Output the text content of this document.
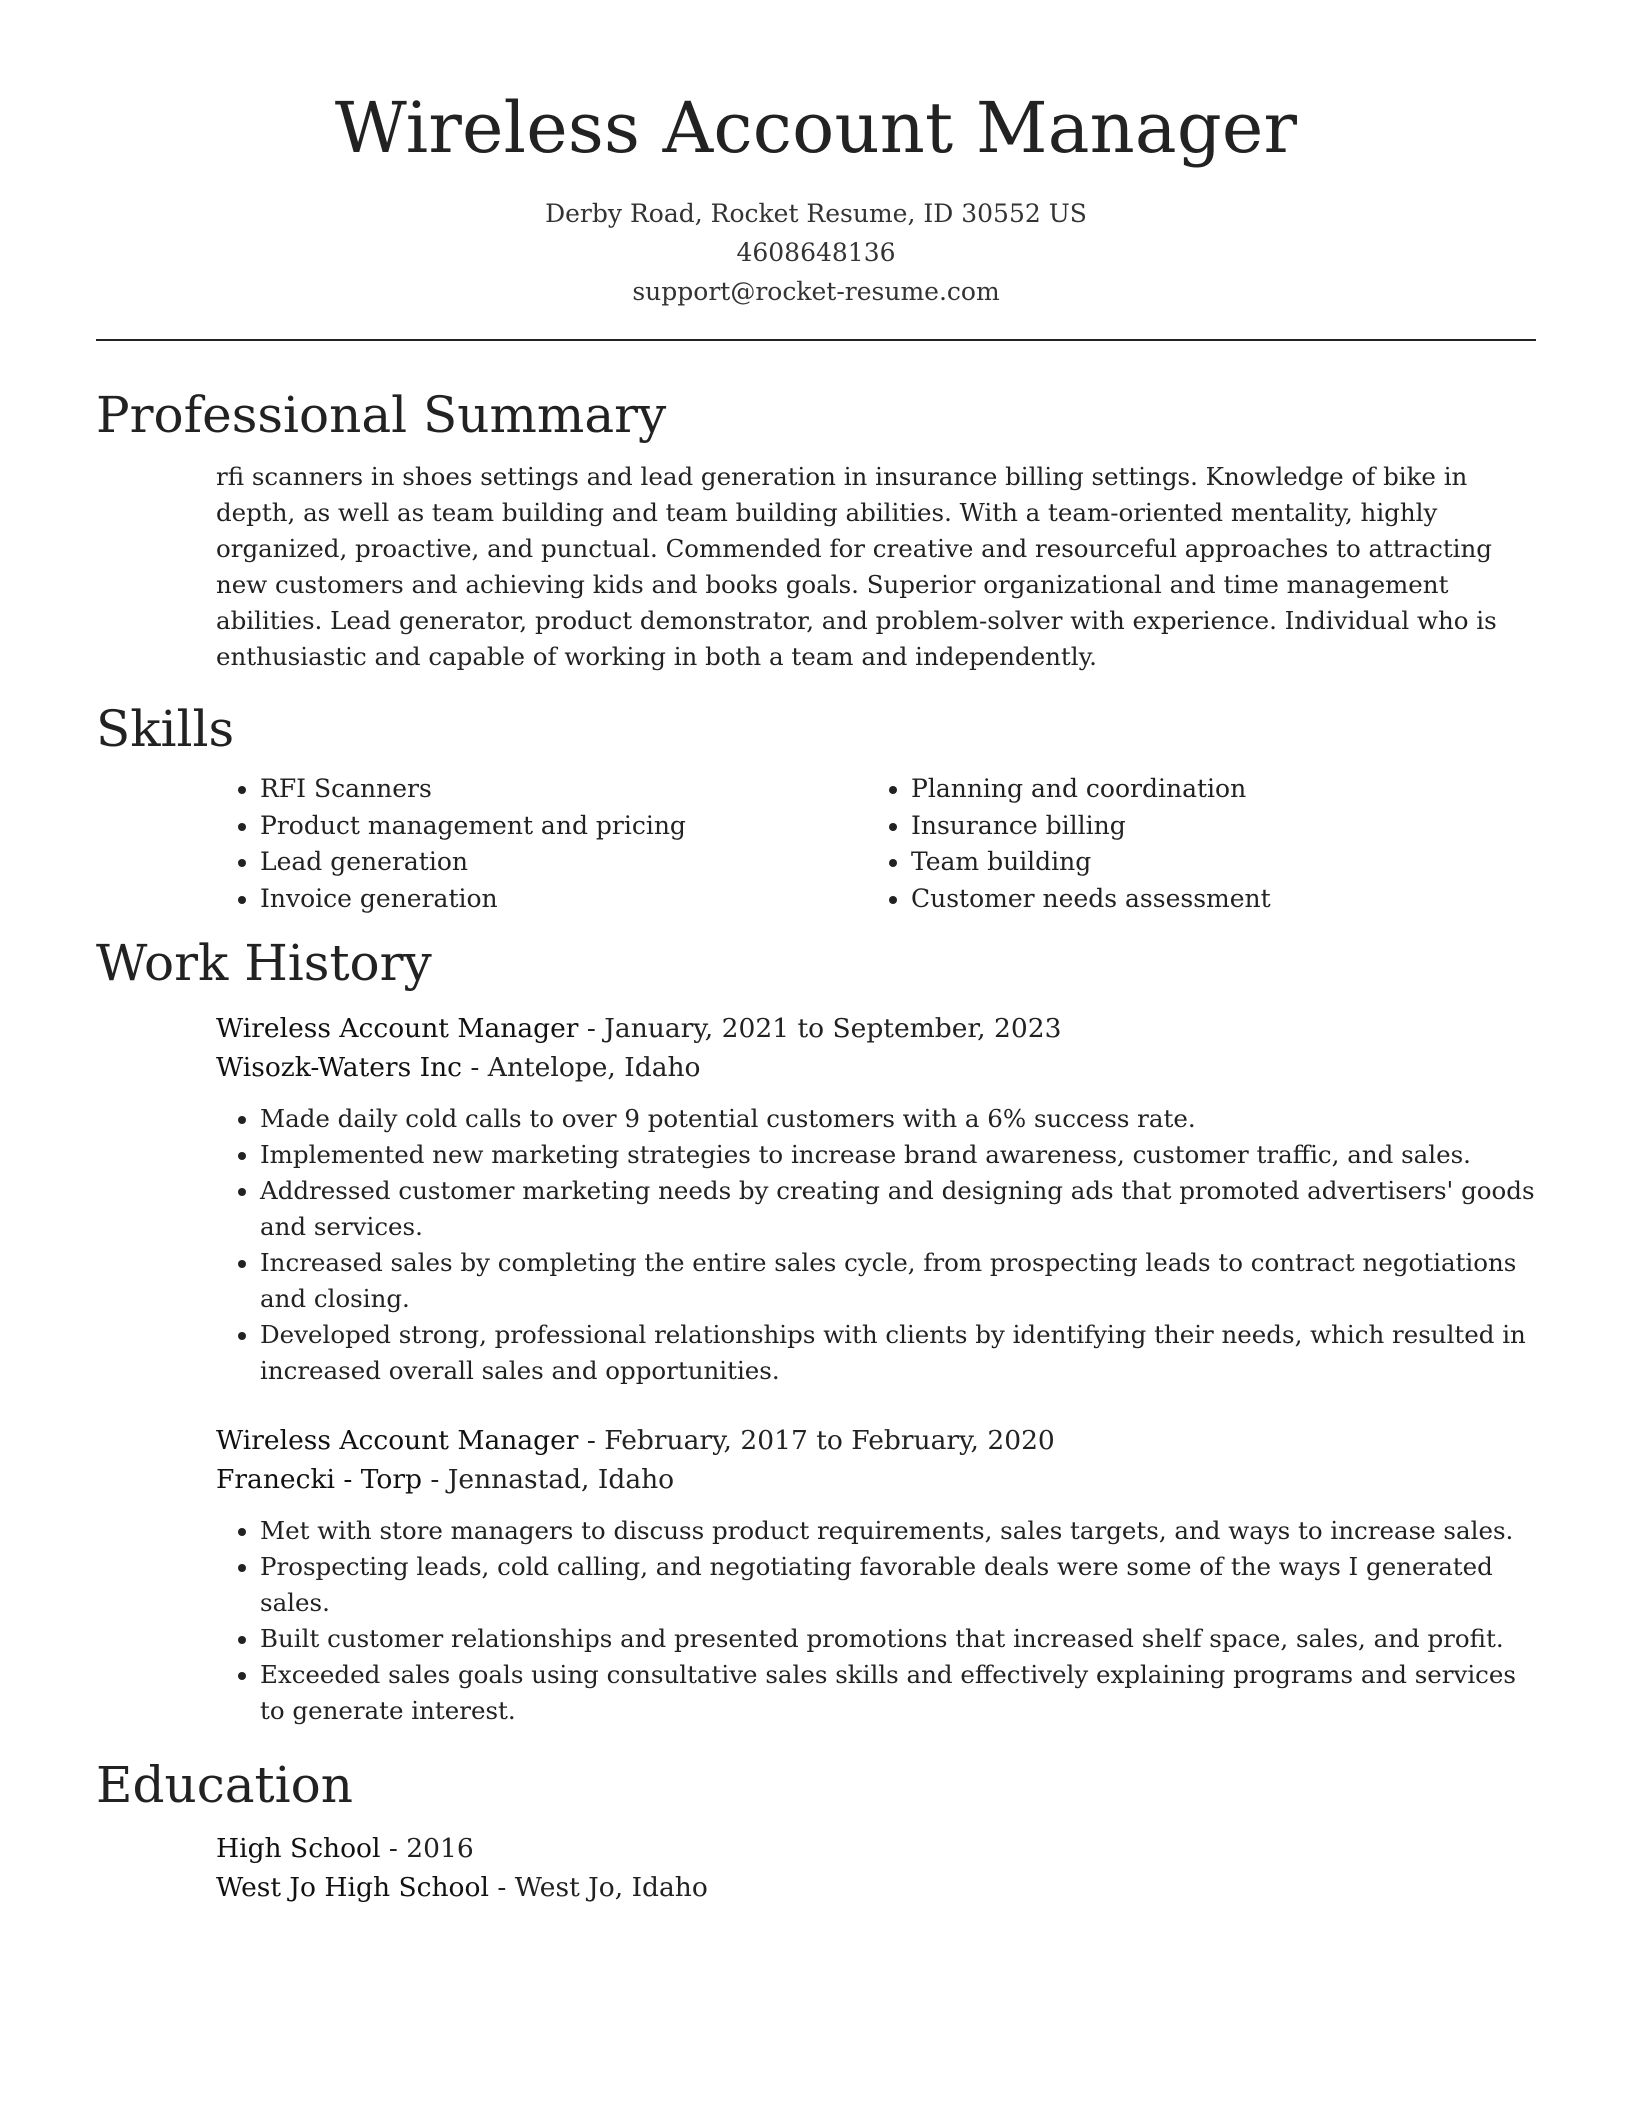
Wireless Account Manager
Derby Road, Rocket Resume, ID 30552 US
4608648136
support@rocket-resume.com
Professional Summary

rfi scanners in shoes settings and lead generation in insurance billing settings. Knowledge of bike in depth, as well as team building and team building abilities. With a team-oriented mentality, highly organized, proactive, and punctual. Commended for creative and resourceful approaches to attracting new customers and achieving kids and books goals. Superior organizational and time management abilities. Lead generator, product demonstrator, and problem-solver with experience. Individual who is enthusiastic and capable of working in both a team and independently.

Skills
• RFI Scanners
• Product management and pricing
• Lead generation
• Invoice generation
• Planning and coordination
• Insurance billing
• Team building
• Customer needs assessment
Work History
Wireless Account Manager - January, 2021 to September, 2023
Wisozk-Waters Inc - Antelope, Idaho
• Made daily cold calls to over 9 potential customers with a 6% success rate.
• Implemented new marketing strategies to increase brand awareness, customer traffic, and sales.
• Addressed customer marketing needs by creating and designing ads that promoted advertisers' goods and services.
• Increased sales by completing the entire sales cycle, from prospecting leads to contract negotiations and closing.
• Developed strong, professional relationships with clients by identifying their needs, which resulted in increased overall sales and opportunities.
Wireless Account Manager - February, 2017 to February, 2020
Franecki - Torp - Jennastad, Idaho
• Met with store managers to discuss product requirements, sales targets, and ways to increase sales.
• Prospecting leads, cold calling, and negotiating favorable deals were some of the ways I generated sales.
• Built customer relationships and presented promotions that increased shelf space, sales, and profit.
• Exceeded sales goals using consultative sales skills and effectively explaining programs and services to generate interest.
Education
High School - 2016
West Jo High School - West Jo, Idaho
